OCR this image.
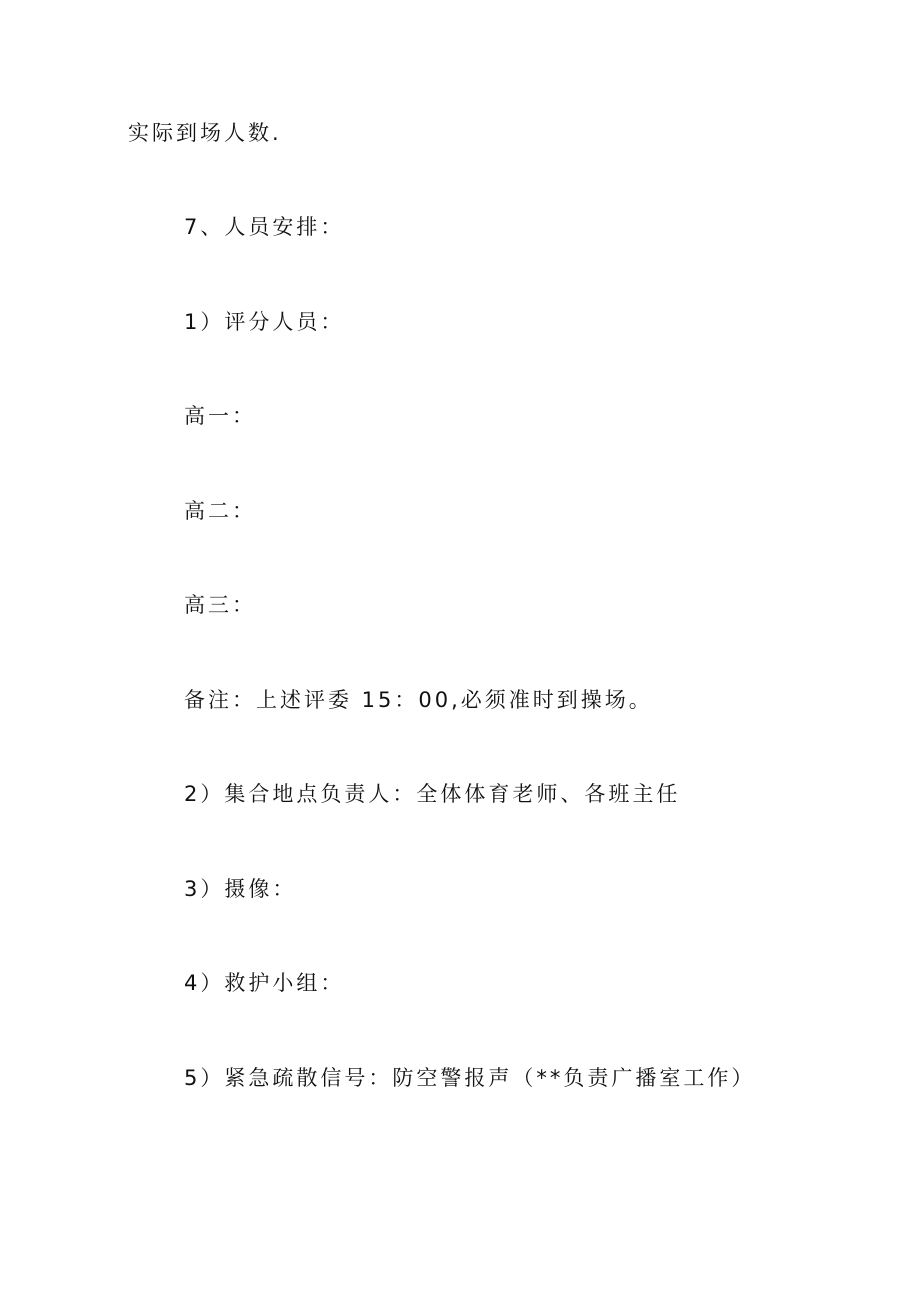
实际到场人数.
7、人员安排：
1）评分人员：
高一：
高二：
高三：
备注：上述评委 15：00,必须准时到操场。
2）集合地点负责人：全体体育老师、各班主任
3）摄像：
4）救护小组：
5）紧急疏散信号：防空警报声（**负责广播室工作）
